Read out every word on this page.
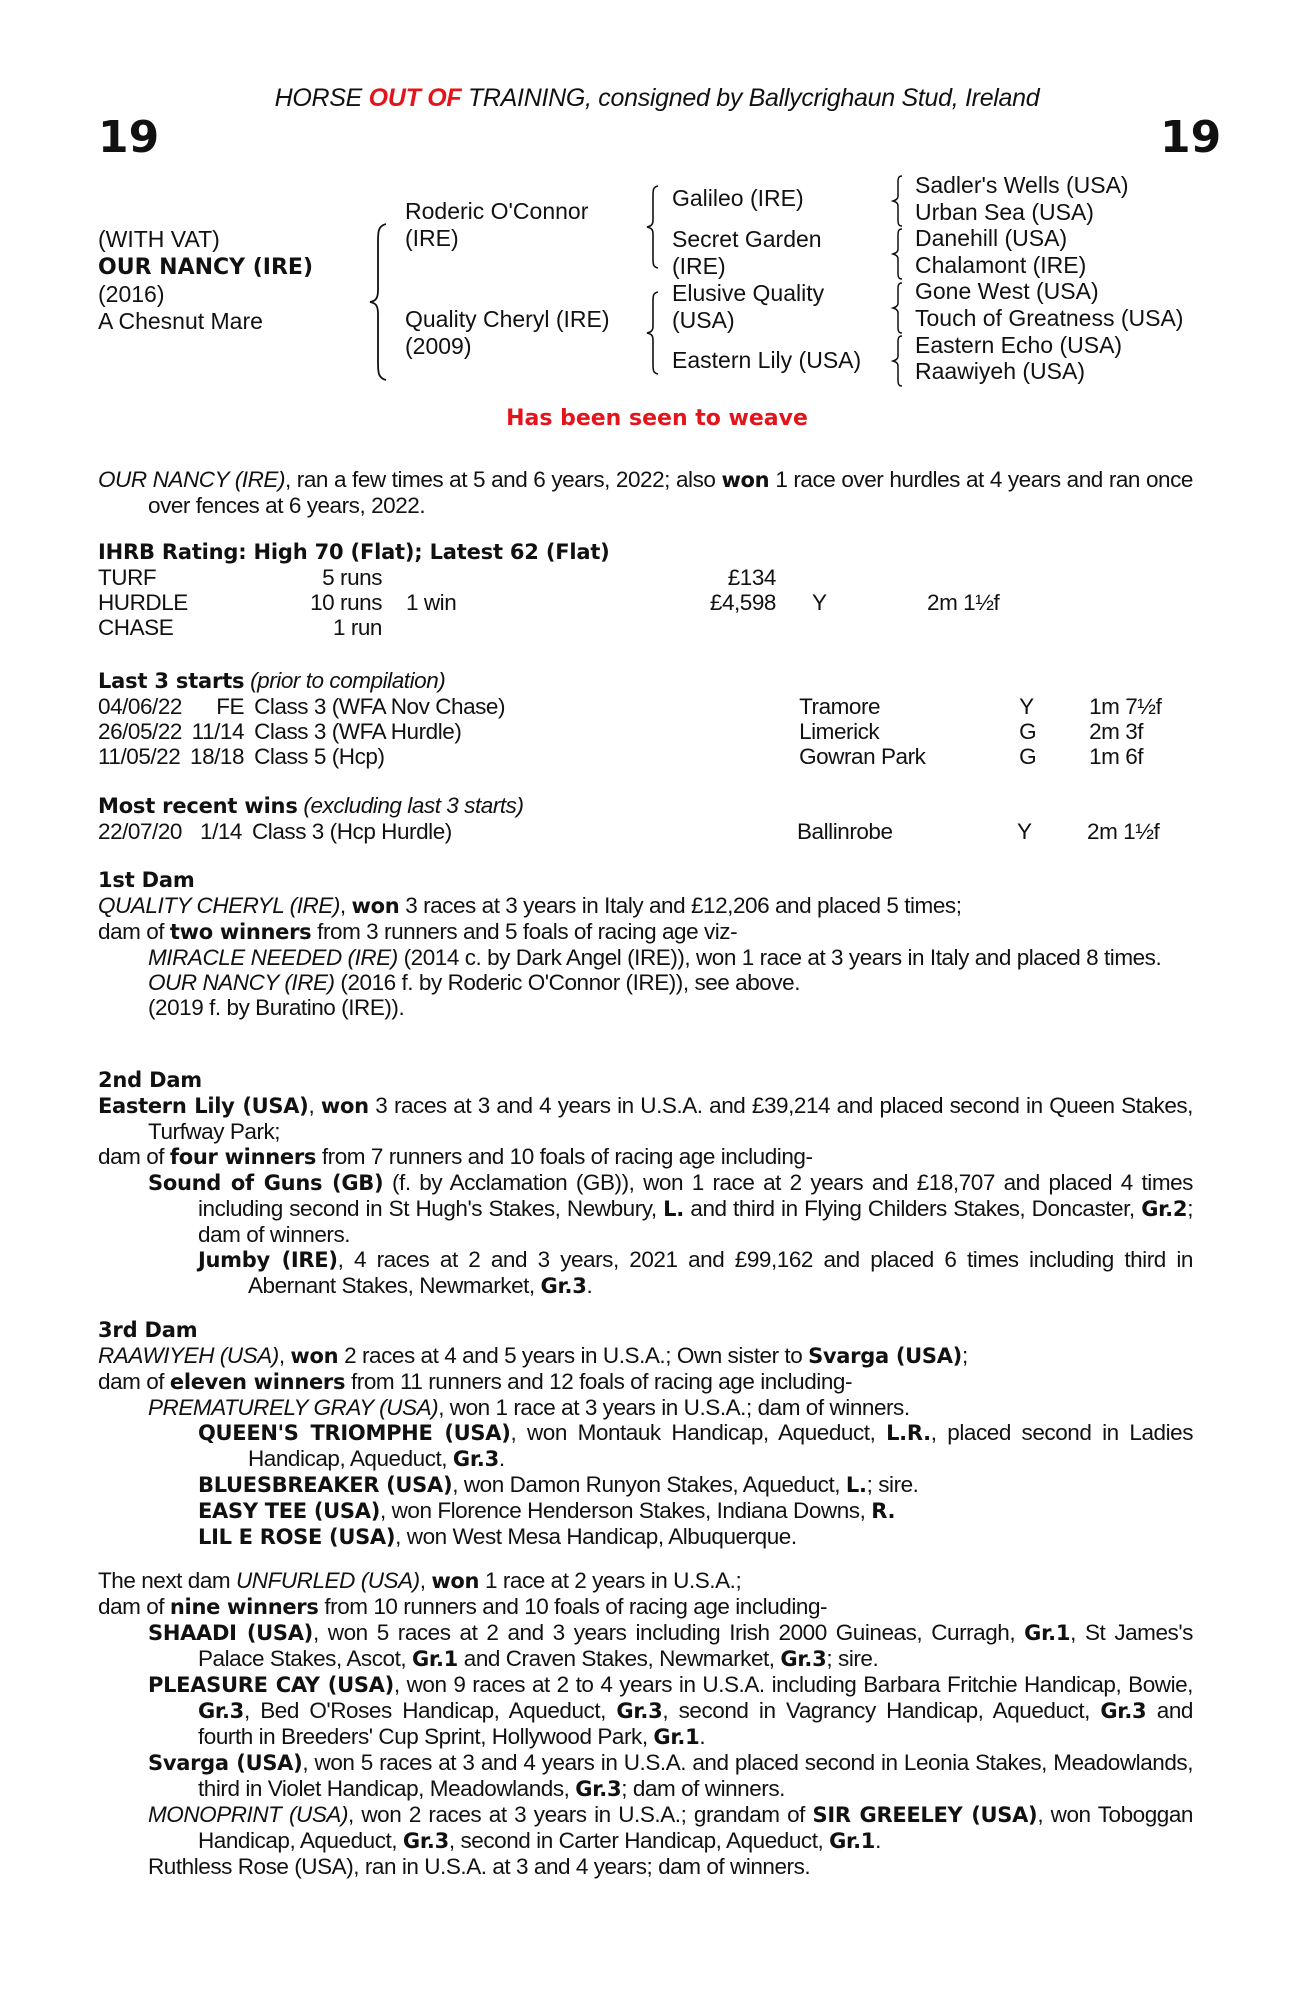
HORSE OUT OF TRAINING, consigned by Ballycrighaun Stud, Ireland
19	19
(WITH VAT)
OUR NANCY (IRE)
(2016)
A Chesnut Mare
Roderic O'Connor
(IRE)
Quality Cheryl (IRE)
(2009)
Galileo (IRE)
Secret Garden
(IRE)
Elusive Quality
(USA)
Eastern Lily (USA)
Sadler's Wells (USA)
Urban Sea (USA)
Danehill (USA)
Chalamont (IRE)
Gone West (USA)
Touch of Greatness (USA)
Eastern Echo (USA)
Raawiyeh (USA)
Has been seen to weave

OUR NANCY (IRE), ran a few times at 5 and 6 years, 2022; also won 1 race over hurdles at 4 years and ran once over fences at 6 years, 2022.

IHRB Rating: High 70 (Flat); Latest 62 (Flat)

TURF	5 runs		£134		
HURDLE	10 runs	1 win	£4,598	Y	2m 1½f
CHASE	1 run				

Last 3 starts (prior to compilation)

04/06/22	FE	Class 3 (WFA Nov Chase)	Tramore	Y	1m 7½f
26/05/22	11/14	Class 3 (WFA Hurdle)	Limerick	G	2m 3f
11/05/22	18/18	Class 5 (Hcp)	Gowran Park	G	1m 6f

Most recent wins (excluding last 3 starts)

22/07/20	1/14	Class 3 (Hcp Hurdle)	Ballinrobe	Y	2m 1½f

1st Dam

QUALITY CHERYL (IRE), won 3 races at 3 years in Italy and £12,206 and placed 5 times;

dam of two winners from 3 runners and 5 foals of racing age viz-

MIRACLE NEEDED (IRE) (2014 c. by Dark Angel (IRE)), won 1 race at 3 years in Italy and placed 8 times.

OUR NANCY (IRE) (2016 f. by Roderic O'Connor (IRE)), see above.

(2019 f. by Buratino (IRE)).

2nd Dam

Eastern Lily (USA), won 3 races at 3 and 4 years in U.S.A. and £39,214 and placed second in Queen Stakes, Turfway Park;

dam of four winners from 7 runners and 10 foals of racing age including-

Sound of Guns (GB) (f. by Acclamation (GB)), won 1 race at 2 years and £18,707 and placed 4 times including second in St Hugh's Stakes, Newbury, L. and third in Flying Childers Stakes, Doncaster, Gr.2; dam of winners.

Jumby (IRE), 4 races at 2 and 3 years, 2021 and £99,162 and placed 6 times including third in Abernant Stakes, Newmarket, Gr.3.

3rd Dam

RAAWIYEH (USA), won 2 races at 4 and 5 years in U.S.A.; Own sister to Svarga (USA);

dam of eleven winners from 11 runners and 12 foals of racing age including-

PREMATURELY GRAY (USA), won 1 race at 3 years in U.S.A.; dam of winners.

QUEEN'S TRIOMPHE (USA), won Montauk Handicap, Aqueduct, L.R., placed second in Ladies Handicap, Aqueduct, Gr.3.

BLUESBREAKER (USA), won Damon Runyon Stakes, Aqueduct, L.; sire.

EASY TEE (USA), won Florence Henderson Stakes, Indiana Downs, R.

LIL E ROSE (USA), won West Mesa Handicap, Albuquerque.

The next dam UNFURLED (USA), won 1 race at 2 years in U.S.A.;

dam of nine winners from 10 runners and 10 foals of racing age including-

SHAADI (USA), won 5 races at 2 and 3 years including Irish 2000 Guineas, Curragh, Gr.1, St James's Palace Stakes, Ascot, Gr.1 and Craven Stakes, Newmarket, Gr.3; sire.

PLEASURE CAY (USA), won 9 races at 2 to 4 years in U.S.A. including Barbara Fritchie Handicap, Bowie, Gr.3, Bed O'Roses Handicap, Aqueduct, Gr.3, second in Vagrancy Handicap, Aqueduct, Gr.3 and fourth in Breeders' Cup Sprint, Hollywood Park, Gr.1.

Svarga (USA), won 5 races at 3 and 4 years in U.S.A. and placed second in Leonia Stakes, Meadowlands, third in Violet Handicap, Meadowlands, Gr.3; dam of winners.

MONOPRINT (USA), won 2 races at 3 years in U.S.A.; grandam of SIR GREELEY (USA), won Toboggan Handicap, Aqueduct, Gr.3, second in Carter Handicap, Aqueduct, Gr.1.

Ruthless Rose (USA), ran in U.S.A. at 3 and 4 years; dam of winners.
